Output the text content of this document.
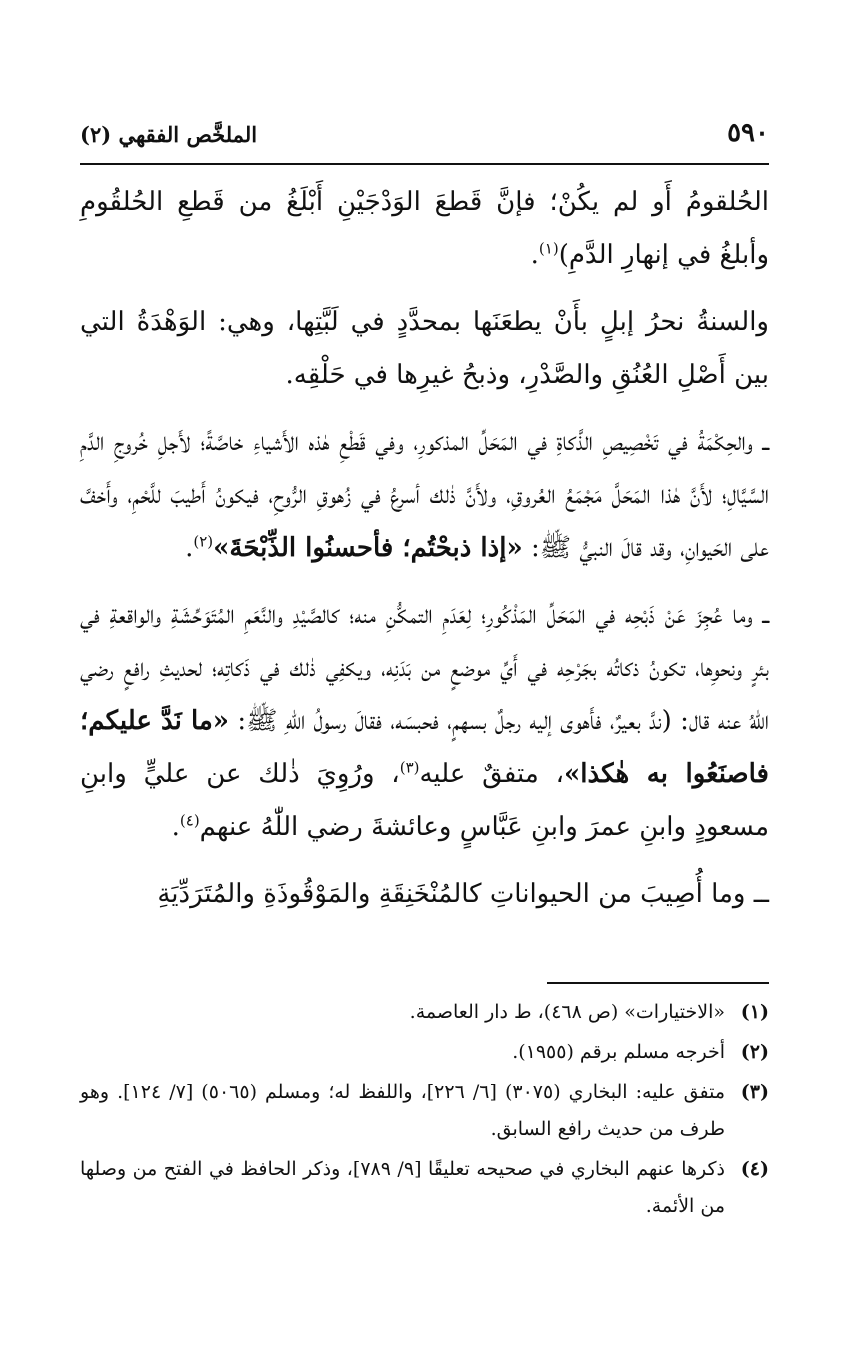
٥٩٠
الملخَّص الفقهي (٢)

الحُلقومُ أَو لم يكُنْ؛ فإنَّ قَطعَ الوَدْجَيْنِ أَبْلَغُ من قَطعِ الحُلقُومِ وأبلغُ في إنهارِ الدَّمِ)$^{(١)}$.

والسنةُ نحرُ إبلٍ بأَنْ يطعَنَها بمحدَّدٍ في لَبَّتِها، وهي: الوَهْدَةُ التي بين أَصْلِ العُنُقِ والصَّدْرِ، وذبحُ غيرِها في حَلْقِه.

ــ والحِكْمَةُ في تَخْصِيصِ الذَّكاةِ في المَحَلِّ المذكورِ، وفي قَطْعِ هٰذه الأَشياءِ خاصَّةً؛ لأَجلِ خُروجِ الدَّمِ السَّيَّالِ؛ لأَنَّ هٰذا المَحَلَّ مَجْمَعُ العُروقِ، ولأَنَّ ذٰلك أسرعُ في زُهوقِ الرُّوحِ، فيكونُ أَطيبَ للَّحْمِ، وأَخفَّ على الحَيوانِ، وقد قالَ النبيُّ ﷺ: «إذا ذبحْتُم؛ فأحسنُوا الذِّبْحَةَ»$^{(٢)}$.

ــ وما عُجِزَ عَنْ ذَبْحِه في المَحَلِّ المَذْكُورِ؛ لِعَدَمِ التمكُّنِ منه؛ كالصَّيْدِ والنَّعَمِ المُتَوَحِّشَةِ والواقعةِ في بئرٍ ونحوِها، تكونُ ذكاتُه بجَرْحِه في أَيِّ موضعٍ من بَدَنِه، ويكفِي ذٰلك في ذَكاتِه؛ لحديثِ رافعٍ رضي اللّٰهُ عنه قال: (ندَّ بعيرٌ، فأَهوى إليه رجلٌ بسهمٍ، فحبسَه، فقالَ رسولُ اللّٰهِ ﷺ: «ما نَدَّ عليكم؛ فاصنَعُوا به هٰكذا»، متفقٌ عليه$^{(٣)}$، ورُوِيَ ذٰلك عن عليٍّ وابنِ مسعودٍ وابنِ عمرَ وابنِ عَبَّاسٍ وعائشةَ رضي اللّٰهُ عنهم$^{(٤)}$.

ــ وما أُصِيبَ من الحيواناتِ كالمُنْخَنِقَةِ والمَوْقُوذَةِ والمُتَرَدِّيَةِ

(١)
«الاختيارات» (ص ٤٦٨)، ط دار العاصمة.
(٢)
أخرجه مسلم برقم (١٩٥٥).
(٣)
متفق عليه: البخاري (٣٠٧٥) [٦/ ٢٢٦]، واللفظ له؛ ومسلم (٥٠٦٥) [٧/ ١٢٤]. وهو طرف من حديث رافع السابق.
(٤)
ذكرها عنهم البخاري في صحيحه تعليقًا [٩/ ٧٨٩]، وذكر الحافظ في الفتح من وصلها من الأئمة.
